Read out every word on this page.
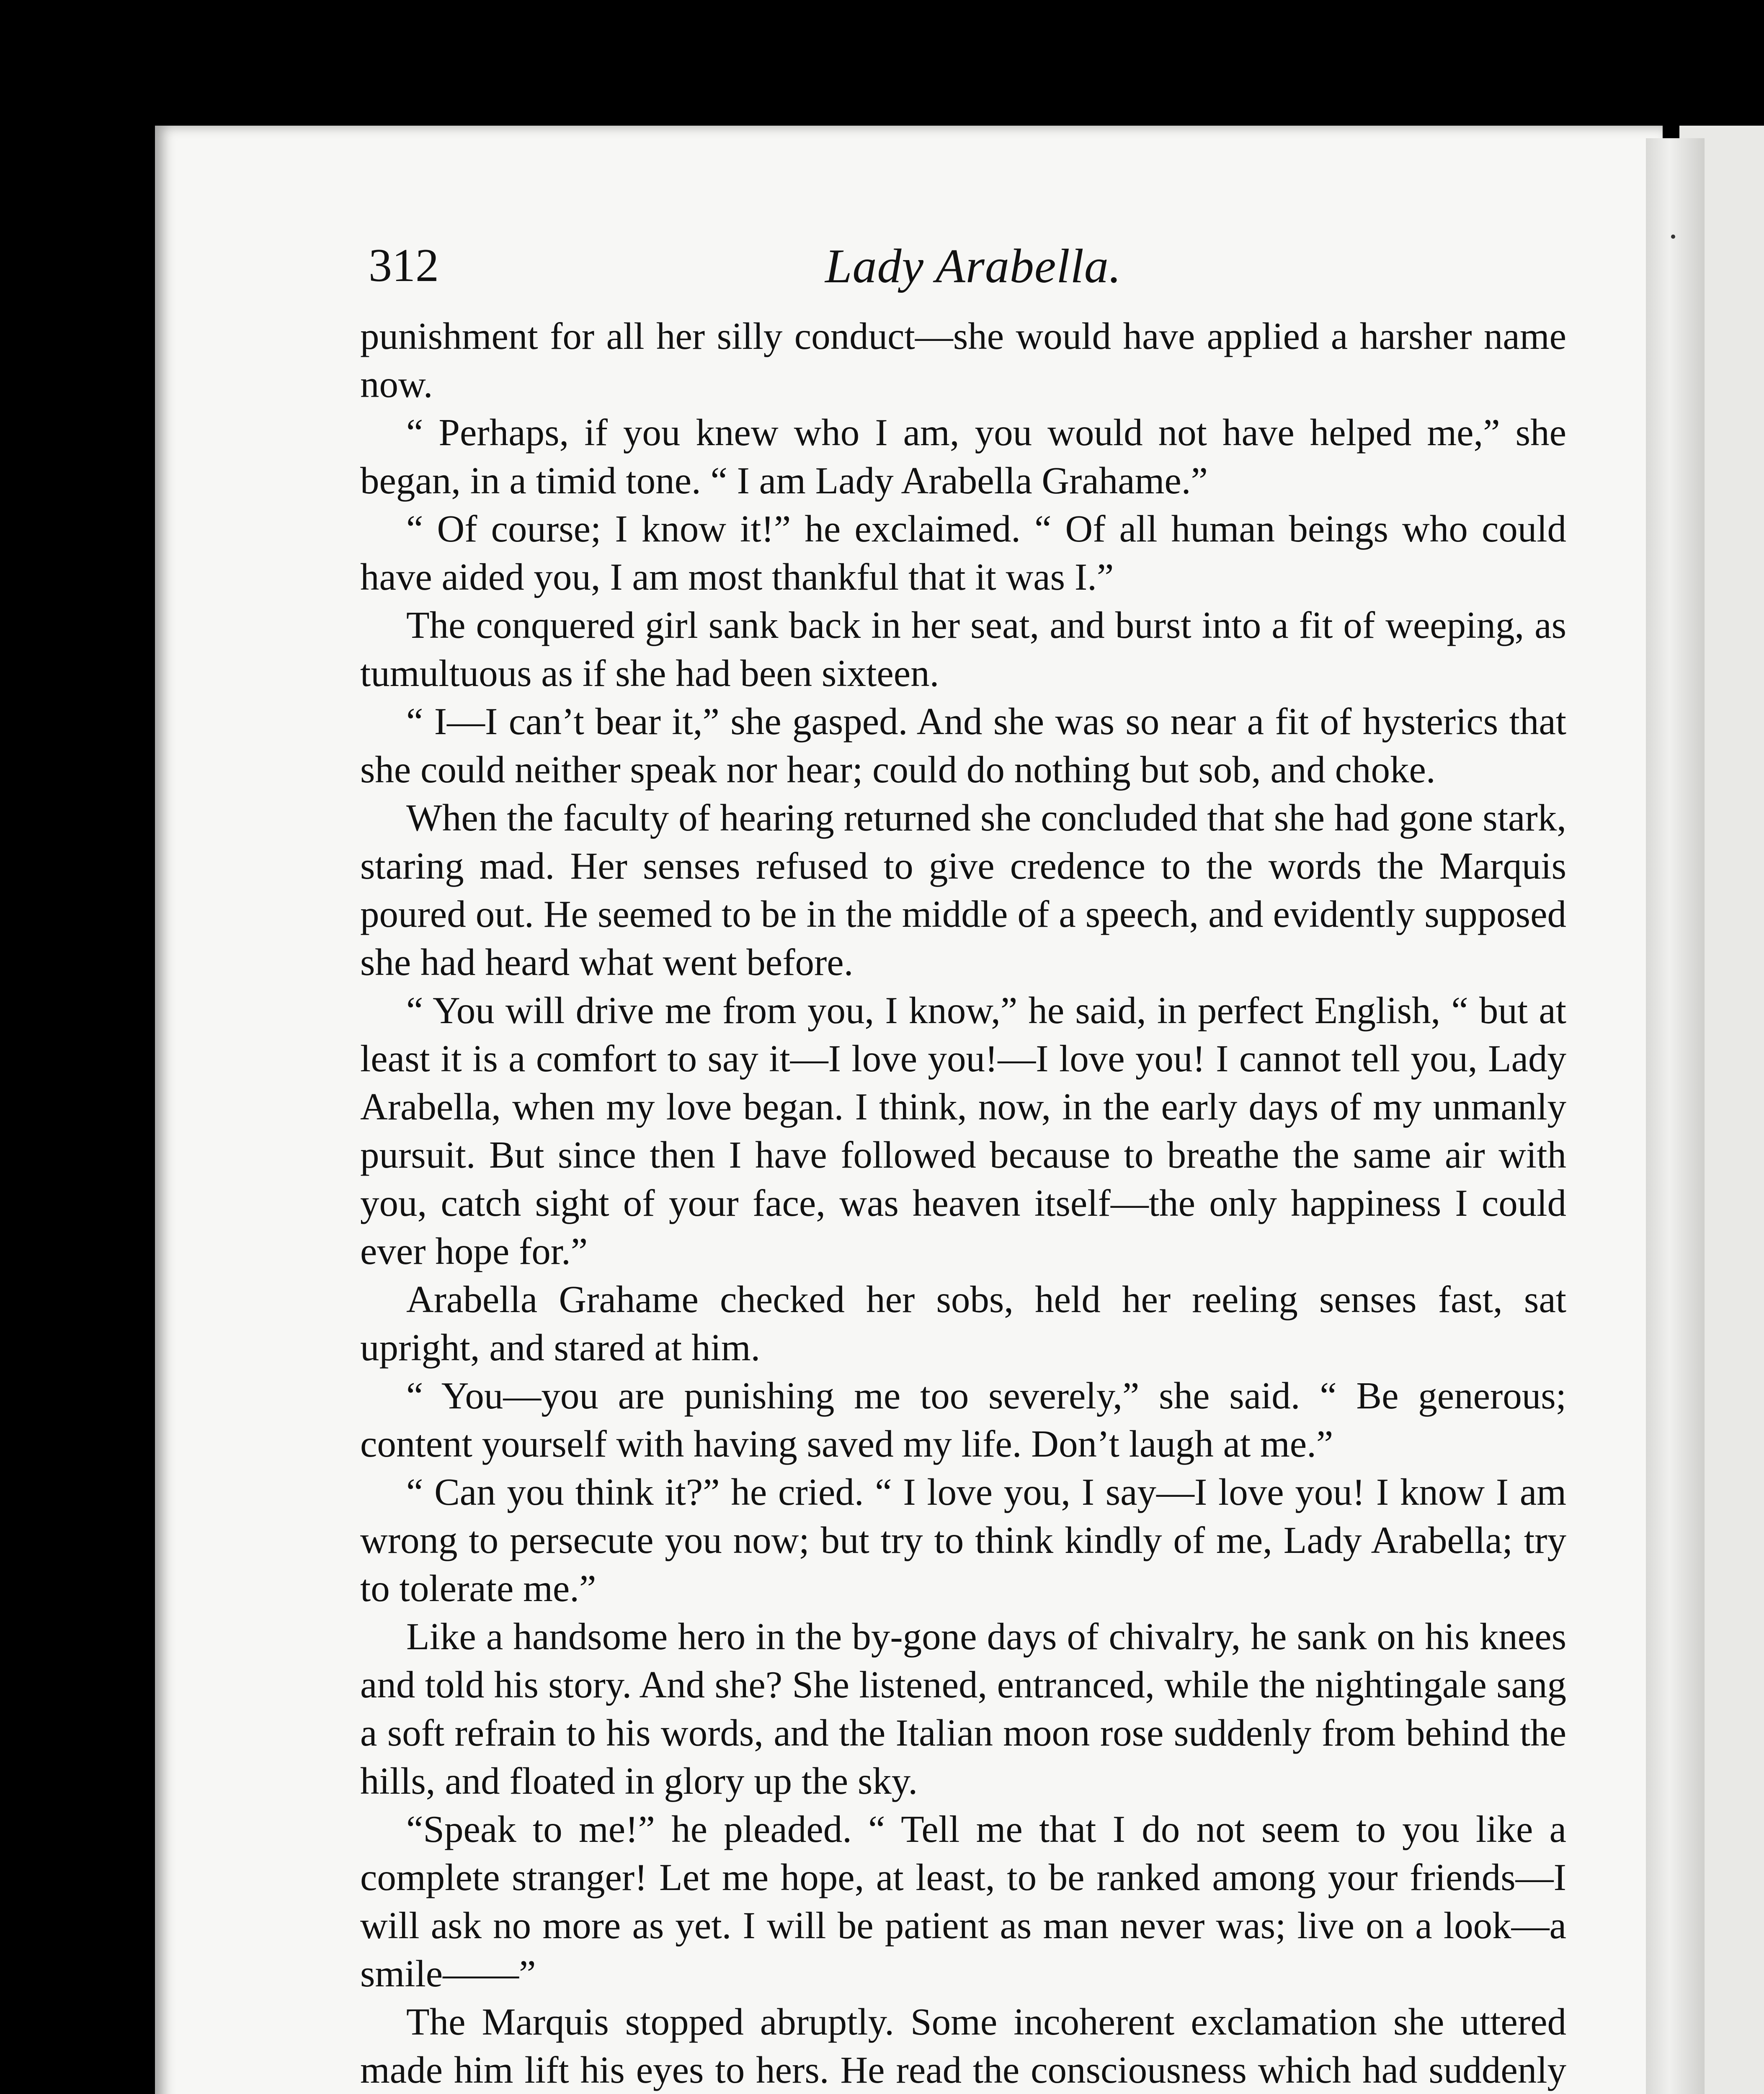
312	Lady Arabella.

punishment for all her silly conduct—she would have applied a harsher name now.

“ Perhaps, if you knew who I am, you would not have helped me,” she began, in a timid tone. “ I am Lady Arabella Grahame.”

“ Of course; I know it!” he exclaimed. “ Of all human beings who could have aided you, I am most thankful that it was I.”

The conquered girl sank back in her seat, and burst into a fit of weeping, as tumultuous as if she had been sixteen.

“ I—I can’t bear it,” she gasped. And she was so near a fit of hysterics that she could neither speak nor hear; could do nothing but sob, and choke.

When the faculty of hearing returned she concluded that she had gone stark, staring mad. Her senses refused to give credence to the words the Marquis poured out. He seemed to be in the middle of a speech, and evidently supposed she had heard what went before.

“ You will drive me from you, I know,” he said, in perfect English, “ but at least it is a comfort to say it—I love you!—I love you! I cannot tell you, Lady Arabella, when my love began. I think, now, in the early days of my unmanly pursuit. But since then I have followed because to breathe the same air with you, catch sight of your face, was heaven itself—the only happiness I could ever hope for.”

Arabella Grahame checked her sobs, held her reeling senses fast, sat upright, and stared at him.

“ You—you are punishing me too severely,” she said. “ Be generous; content yourself with having saved my life. Don’t laugh at me.”

“ Can you think it?” he cried. “ I love you, I say—I love you! I know I am wrong to persecute you now; but try to think kindly of me, Lady Arabella; try to tolerate me.”

Like a handsome hero in the by-gone days of chivalry, he sank on his knees and told his story. And she? She listened, entranced, while the nightingale sang a soft refrain to his words, and the Italian moon rose suddenly from behind the hills, and floated in glory up the sky.

“Speak to me!” he pleaded. “ Tell me that I do not seem to you like a complete stranger! Let me hope, at least, to be ranked among your friends—I will ask no more as yet. I will be patient as man never was; live on a look—a smile——”

The Marquis stopped abruptly. Some incoherent exclamation she uttered made him lift his eyes to hers. He read the consciousness which had suddenly
